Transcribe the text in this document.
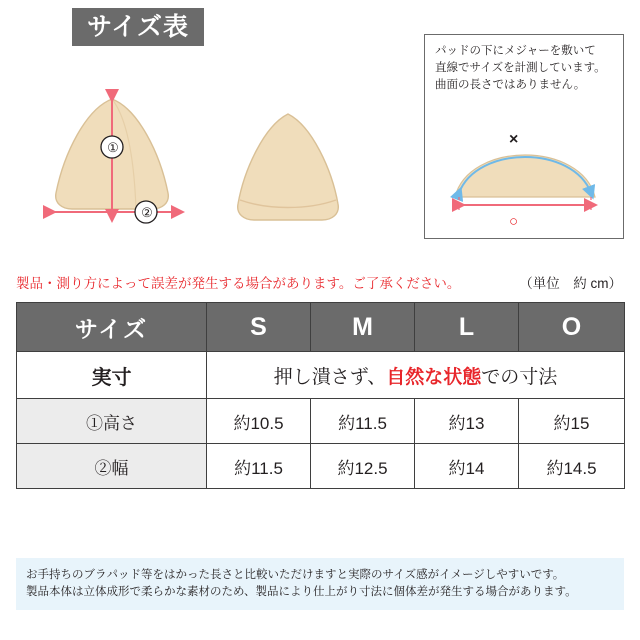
サイズ表
①
②
パッドの下にメジャーを敷いて
直線でサイズを計測しています。
曲面の長さではありません。
×
○
製品・測り方によって誤差が発生する場合があります。ご了承ください。	（単位　約 cm）
サイズ	S	M	L	O
実寸	押し潰さず、自然な状態での寸法			
①高さ	約10.5	約11.5	約13	約15
②幅	約11.5	約12.5	約14	約14.5
お手持ちのブラパッド等をはかった長さと比較いただけますと実際のサイズ感がイメージしやすいです。
製品本体は立体成形で柔らかな素材のため、製品により仕上がり寸法に個体差が発生する場合があります。
